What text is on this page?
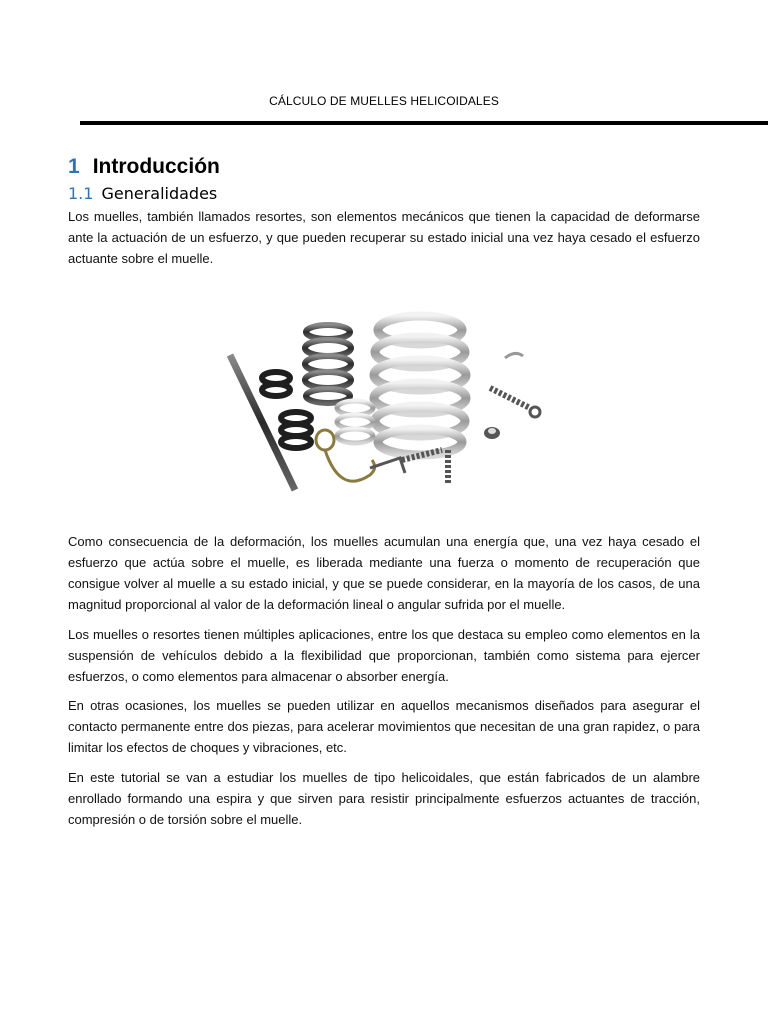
CÁLCULO DE MUELLES HELICOIDALES
1 Introducción
1.1 Generalidades
Los muelles, también llamados resortes, son elementos mecánicos que tienen la capacidad de deformarse ante la actuación de un esfuerzo, y que pueden recuperar su estado inicial una vez haya cesado el esfuerzo actuante sobre el muelle.
Como consecuencia de la deformación, los muelles acumulan una energía que, una vez haya cesado el esfuerzo que actúa sobre el muelle, es liberada mediante una fuerza o momento de recuperación que consigue volver al muelle a su estado inicial, y que se puede considerar, en la mayoría de los casos, de una magnitud proporcional al valor de la deformación lineal o angular sufrida por el muelle.
Los muelles o resortes tienen múltiples aplicaciones, entre los que destaca su empleo como elementos en la suspensión de vehículos debido a la flexibilidad que proporcionan, también como sistema para ejercer esfuerzos, o como elementos para almacenar o absorber energía.
En otras ocasiones, los muelles se pueden utilizar en aquellos mecanismos diseñados para asegurar el contacto permanente entre dos piezas, para acelerar movimientos que necesitan de una gran rapidez, o para limitar los efectos de choques y vibraciones, etc.
En este tutorial se van a estudiar los muelles de tipo helicoidales, que están fabricados de un alambre enrollado formando una espira y que sirven para resistir principalmente esfuerzos actuantes de tracción, compresión o de torsión sobre el muelle.
